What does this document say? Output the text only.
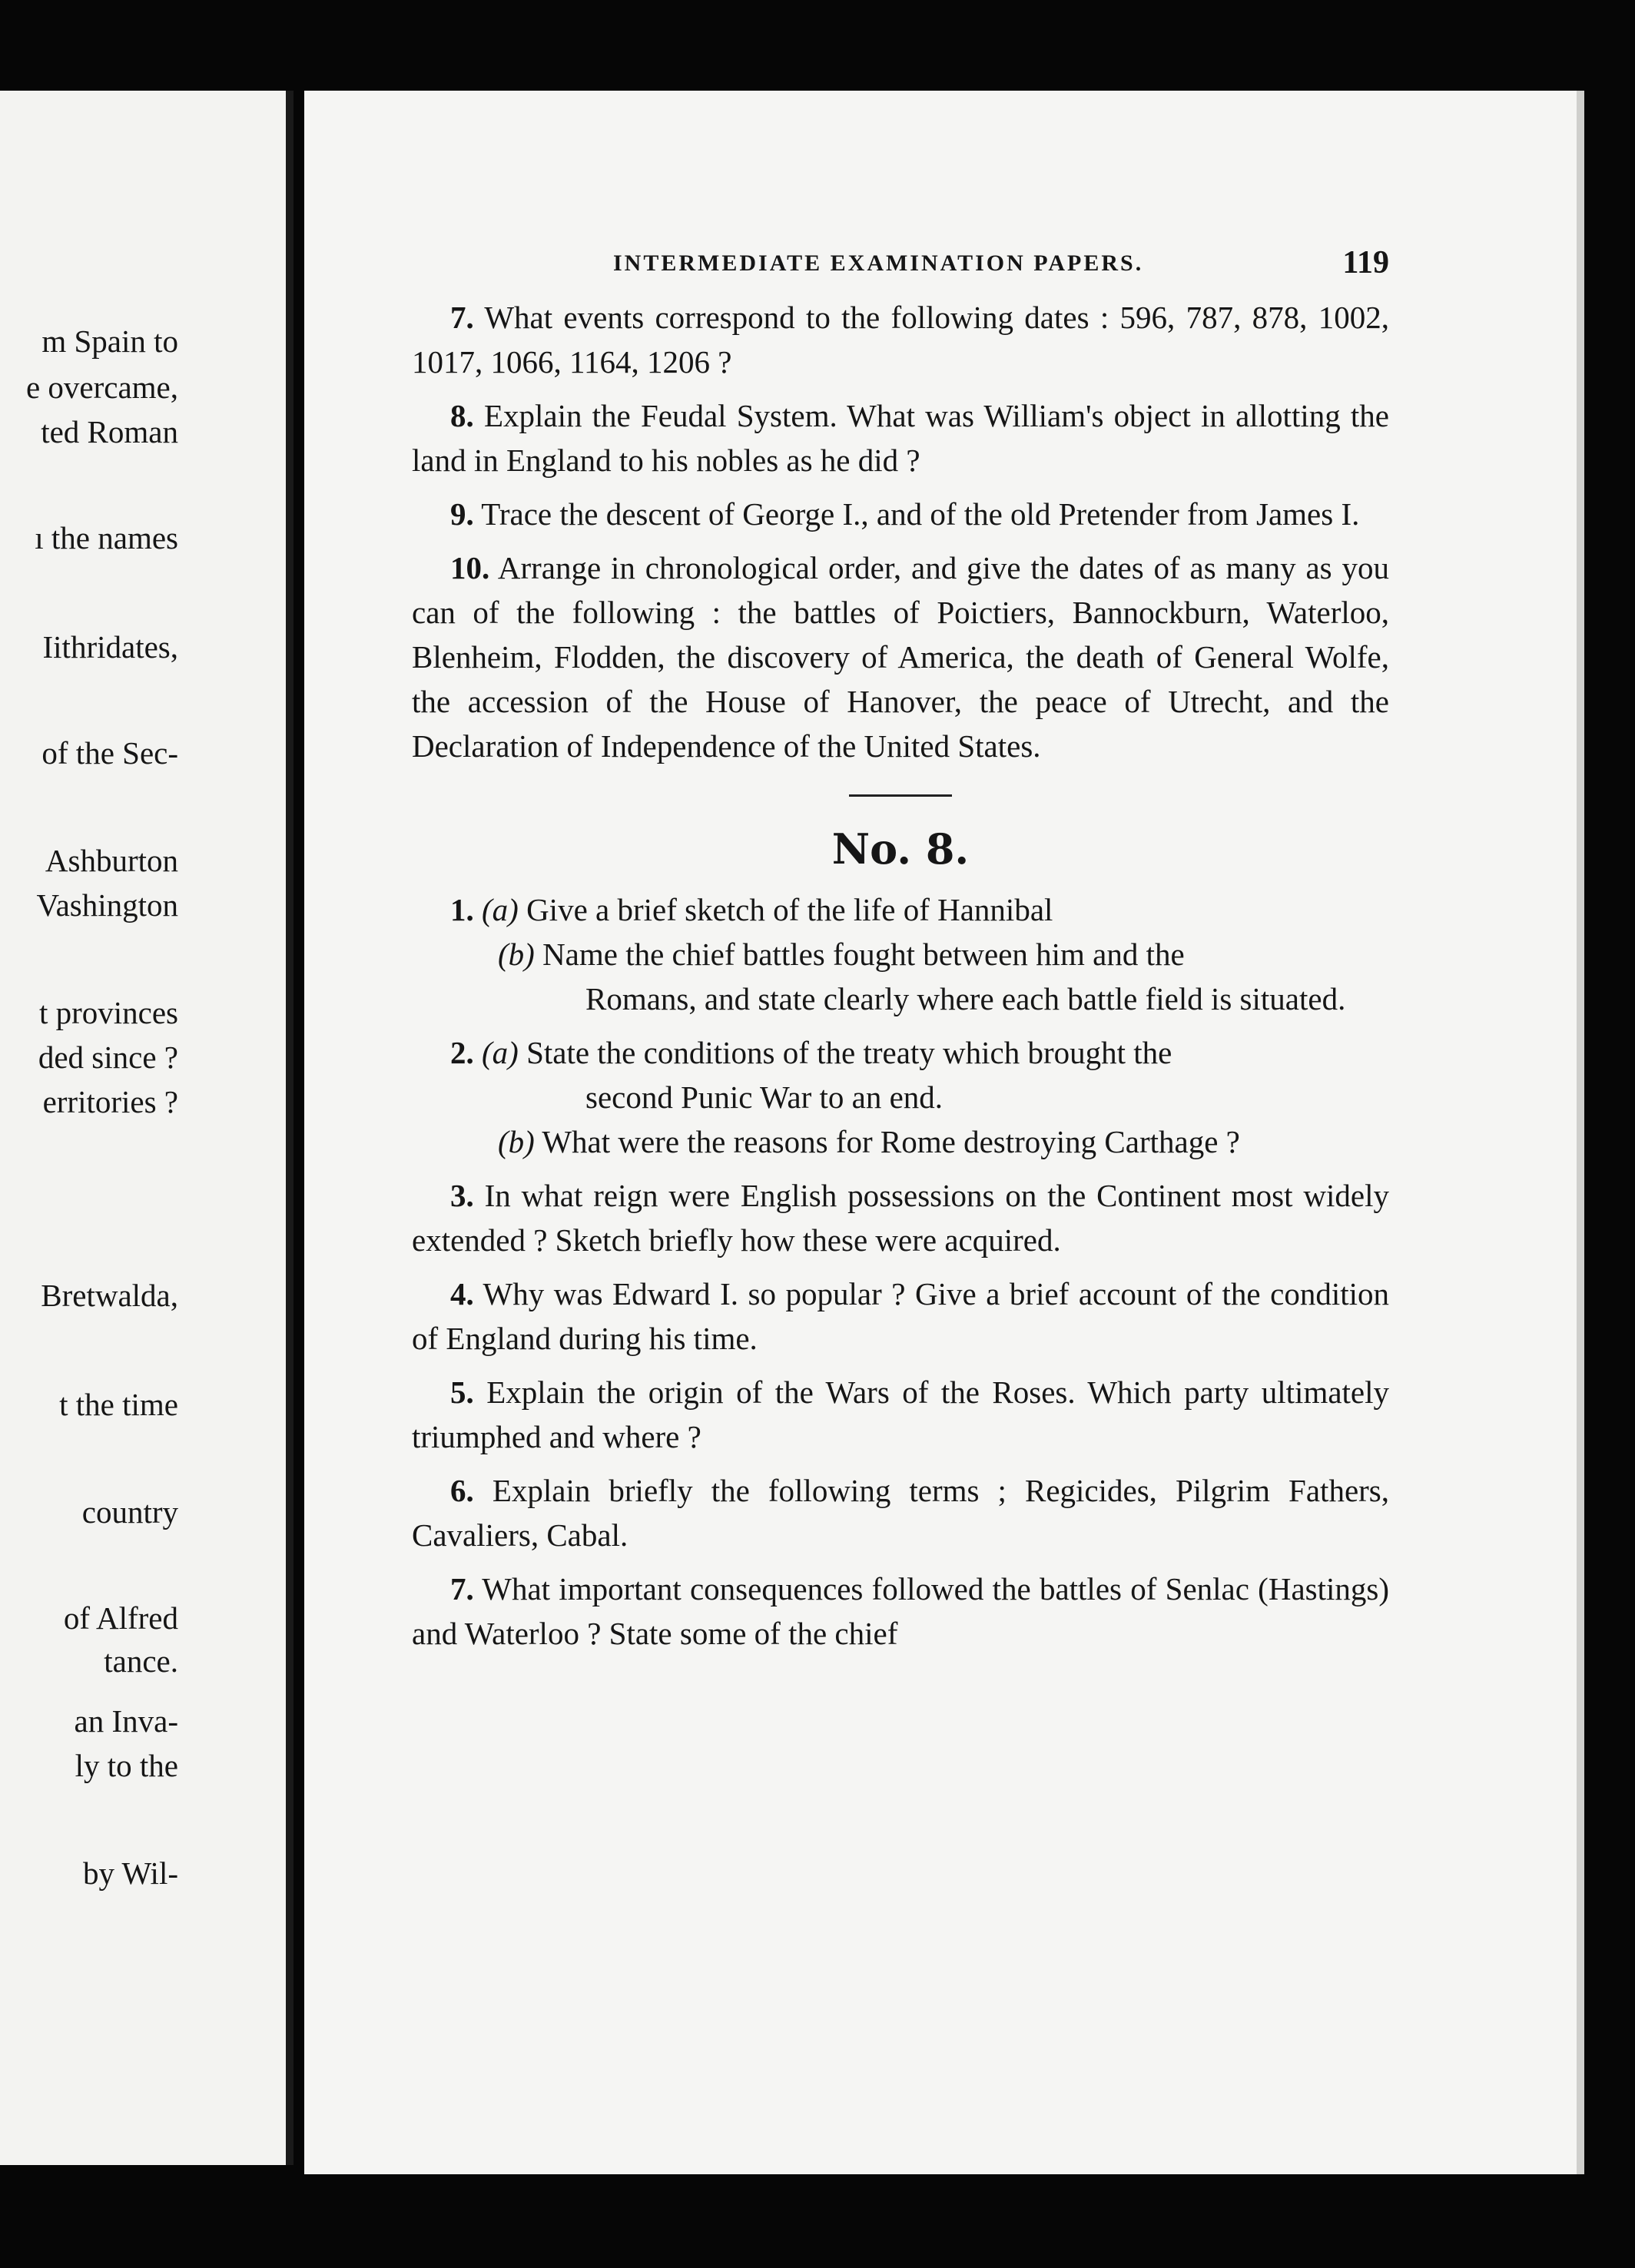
m Spain to
e overcame,
ted Roman
ı the names
Iithridates,
of the Sec-
Ashburton
Vashington
t provinces
ded since ?
erritories ?
Bretwalda,
t the time
country
of Alfred
tance.
an Inva-
ly to the
by Wil-
INTERMEDIATE EXAMINATION PAPERS.	119

7. What events correspond to the following dates : 596, 787, 878, 1002, 1017, 1066, 1164, 1206 ?

8. Explain the Feudal System. What was William's object in allotting the land in England to his nobles as he did ?

9. Trace the descent of George I., and of the old Pretender from James I.

10. Arrange in chronological order, and give the dates of as many as you can of the following : the battles of Poictiers, Bannockburn, Waterloo, Blenheim, Flodden, the discovery of America, the death of General Wolfe, the accession of the House of Hanover, the peace of Utrecht, and the Declaration of Independence of the United States.

No. 8.
1. (a) Give a brief sketch of the life of Hannibal
(b) Name the chief battles fought between him and the
Romans, and state clearly where each battle field is situated.
2. (a) State the conditions of the treaty which brought the
second Punic War to an end.
(b) What were the reasons for Rome destroying Carthage ?

3. In what reign were English possessions on the Continent most widely extended ? Sketch briefly how these were acquired.

4. Why was Edward I. so popular ? Give a brief account of the condition of England during his time.

5. Explain the origin of the Wars of the Roses. Which party ultimately triumphed and where ?

6. Explain briefly the following terms ; Regicides, Pilgrim Fathers, Cavaliers, Cabal.

7. What important consequences followed the battles of Senlac (Hastings) and Waterloo ? State some of the chief
